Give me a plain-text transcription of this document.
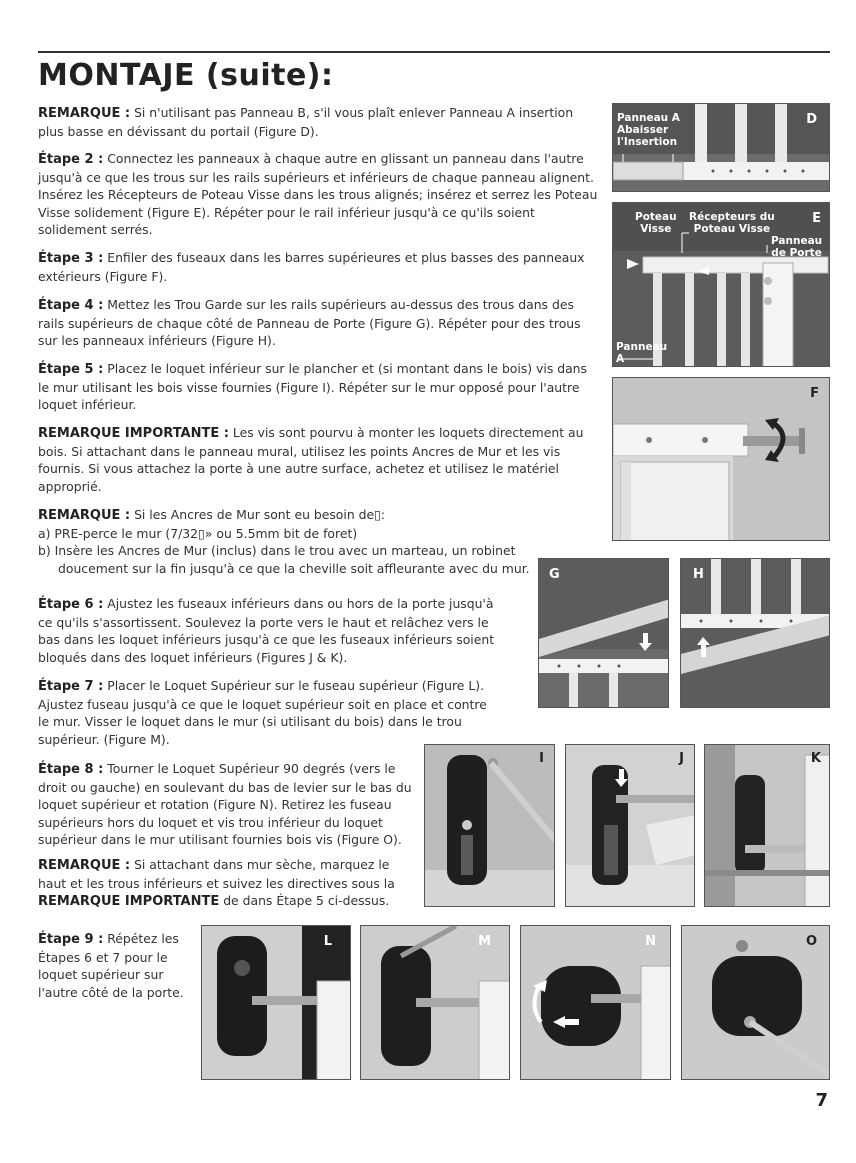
MONTAJE (suite):
REMARQUE : Si n'utilisant pas Panneau B, s'il vous plaît enlever Panneau A insertion
plus basse en dévissant du portail (Figure D).
Étape 2 : Connectez les panneaux à chaque autre en glissant un panneau dans l'autre
jusqu'à ce que les trous sur les rails supérieurs et inférieurs de chaque panneau alignent.
Insérez les Récepteurs de Poteau Visse dans les trous alignés; insérez et serrez les Poteau
Visse solidement (Figure E). Répéter pour le rail inférieur jusqu'à ce qu'ils soient
solidement serrés.
Étape 3 : Enfiler des fuseaux dans les barres supérieures et plus basses des panneaux
extérieurs (Figure F).
Étape 4 : Mettez les Trou Garde sur les rails supérieurs au-dessus des trous dans des
rails supérieurs de chaque côté de Panneau de Porte (Figure G). Répéter pour des trous
sur les panneaux inférieurs (Figure H).
Étape 5 : Placez le loquet inférieur sur le plancher et (si montant dans le bois) vis dans
le mur utilisant les bois visse fournies (Figure I). Répéter sur le mur opposé pour l'autre
loquet inférieur.
REMARQUE IMPORTANTE : Les vis sont pourvu à monter les loquets directement au
bois. Si attachant dans le panneau mural, utilisez les points Ancres de Mur et les vis
fournis. Si vous attachez la porte à une autre surface, achetez et utilisez le matériel
approprié.
REMARQUE : Si les Ancres de Mur sont eu besoin de▯:
a) PRE-perce le mur (7/32▯» ou 5.5mm bit de foret)
b) Insère les Ancres de Mur (inclus) dans le trou avec un marteau, un robinet
doucement sur la fin jusqu'à ce que la cheville soit affleurante avec du mur.
Étape 6 : Ajustez les fuseaux inférieurs dans ou hors de la porte jusqu'à
ce qu'ils s'assortissent. Soulevez la porte vers le haut et relâchez vers le
bas dans les loquet inférieurs jusqu'à ce que les fuseaux inférieurs soient
bloqués dans des loquet inférieurs (Figures J & K).
Étape 7 : Placer le Loquet Supérieur sur le fuseau supérieur (Figure L).
Ajustez fuseau jusqu'à ce que le loquet supérieur soit en place et contre
le mur. Visser le loquet dans le mur (si utilisant du bois) dans le trou
supérieur. (Figure M).
Étape 8 : Tourner le Loquet Supérieur 90 degrés (vers le
droit ou gauche) en soulevant du bas de levier sur le bas du
loquet supérieur et rotation (Figure N). Retirez les fuseau
supérieurs hors du loquet et vis trou inférieur du loquet
supérieur dans le mur utilisant fournies bois vis (Figure O).
REMARQUE : Si attachant dans mur sèche, marquez le
haut et les trous inférieurs et suivez les directives sous la
REMARQUE IMPORTANTE de dans Étape 5 ci-dessus.
Étape 9 : Répétez les
Étapes 6 et 7 pour le
loquet supérieur sur
l'autre côté de la porte.
Panneau A
Abaisser
l'Insertion
D
Poteau
Visse
Récepteurs du
Poteau Visse
Panneau
de Porte
Panneau
A
E
F
G	H
I	J	K
L	M	N	O
7
